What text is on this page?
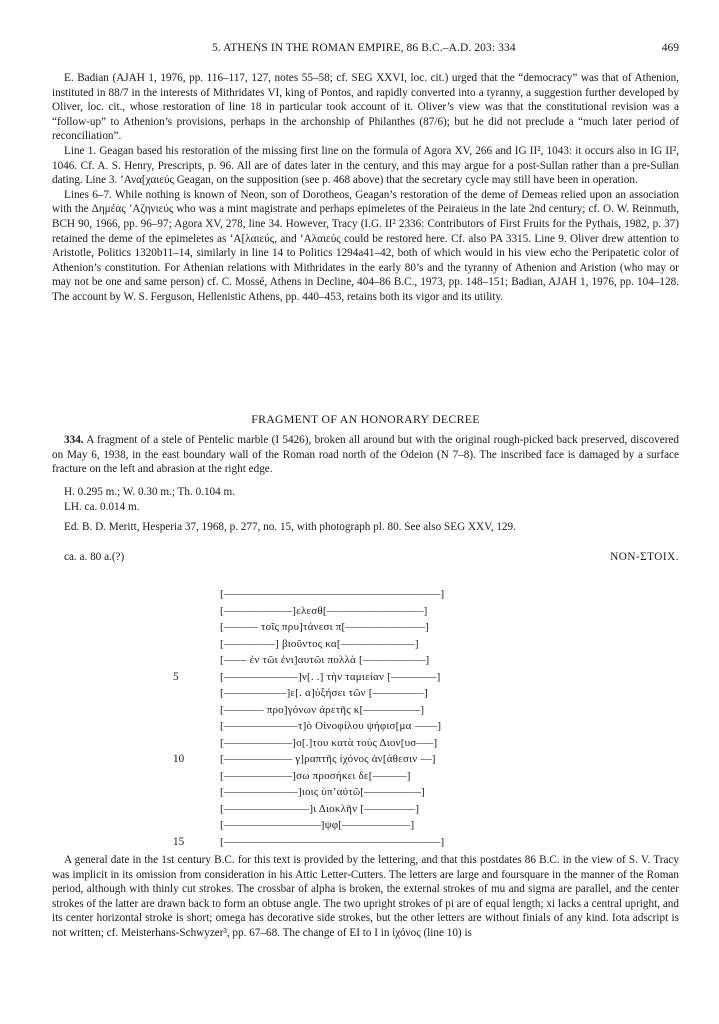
5. ATHENS IN THE ROMAN EMPIRE, 86 B.C.–A.D. 203: 334	469

E. Badian (AJAH 1, 1976, pp. 116–117, 127, notes 55–58; cf. SEG XXVI, loc. cit.) urged that the “democracy” was that of Athenion, instituted in 88/7 in the interests of Mithridates VI, king of Pontos, and rapidly converted into a tyranny, a suggestion further developed by Oliver, loc. cit., whose restoration of line 18 in particular took account of it. Oliver’s view was that the constitutional revision was a “follow-up” to Athenion’s provisions, perhaps in the archonship of Philanthes (87/6); but he did not preclude a “much later period of reconciliation”.

Line 1. Geagan based his restoration of the missing first line on the formula of Agora XV, 266 and IG II², 1043: it occurs also in IG II², 1046. Cf. A. S. Henry, Prescripts, p. 96. All are of dates later in the century, and this may argue for a post-Sullan rather than a pre-Sullan dating. Line 3. ’Ανα[χαιεύς Geagan, on the supposition (see p. 468 above) that the secretary cycle may still have been in operation.

Lines 6–7. While nothing is known of Neon, son of Dorotheos, Geagan’s restoration of the deme of Demeas relied upon an association with the Δημέας ’Αζηνιεύς who was a mint magistrate and perhaps epimeletes of the Peiraieus in the late 2nd century; cf. O. W. Reinmuth, BCH 90, 1966, pp. 96–97; Agora XV, 278, line 34. However, Tracy (I.G. II² 2336: Contributors of First Fruits for the Pythais, 1982, p. 37) retained the deme of the epimeletes as ‘Α[λαιεύς, and ‘Αλαιεύς could be restored here. Cf. also PA 3315. Line 9. Oliver drew attention to Aristotle, Politics 1320b11–14, similarly in line 14 to Politics 1294a41–42, both of which would in his view echo the Peripatetic color of Athenion’s constitution. For Athenian relations with Mithridates in the early 80’s and the tyranny of Athenion and Aristion (who may or may not be one and same person) cf. C. Mossé, Athens in Decline, 404–86 B.C., 1973, pp. 148–151; Badian, AJAH 1, 1976, pp. 104–128. The account by W. S. Ferguson, Hellenistic Athens, pp. 440–453, retains both its vigor and its utility.

FRAGMENT OF AN HONORARY DECREE

334. A fragment of a stele of Pentelic marble (I 5426), broken all around but with the original rough-picked back preserved, discovered on May 6, 1938, in the east boundary wall of the Roman road north of the Odeion (N 7–8). The inscribed face is damaged by a surface fracture on the left and abrasion at the right edge.

H. 0.295 m.; W. 0.30 m.; Th. 0.104 m.
LH. ca. 0.014 m.
Ed. B. D. Meritt, Hesperia 37, 1968, p. 277, no. 15, with photograph pl. 80. See also SEG XXV, 129.
ca. a. 80 a.(?)	NON-ΣΤΟΙΧ.
[––––––––––––––––––––––––––––––––––––––]
[––––––––––––]ελεσθ[–––––––––––––––––]
[–––––– τοῖς πρυ]τάνεσι π[––––––––––––––]
[–––––––––] βιοῦντος κα[–––––––––––––]
[–––– ἐν τῶι ἐνι]αυτῶι πολλὰ [–––––––––––]
5	[–––––––––––––]ν[. .] τὴν ταμιείαν [––––––––]
[–––––––––––]ε[. α]ὐξήσει τῶν [–––––––––]
[––––––– προ]γόνων ἀρετῆς κ[––––––––––]
[–––––––––––––τ]ὸ Οἰνοφίλου ψήφισ[μα ––––]
[––––––––––––]ο[.]του κατὰ τοὺς Διον[υσ–––]
10	[–––––––––––– γ]ραπτῆς ἰχόνος ἀν[άθεσιν ––]
[––––––––––––]σω προσήκει δε[––––––]
[–––––––––––––]ιοις ὑπ’αὐτῶ[––––––––––]
[–––––––––––––––]ι Διοκλῆν [–––––––––]
[–––––––––––––––––]ψφ[––––––––––––]
15	[––––––––––––––––––––––––––––––––––––––]

A general date in the 1st century B.C. for this text is provided by the lettering, and that this postdates 86 B.C. in the view of S. V. Tracy was implicit in its omission from consideration in his Attic Letter-Cutters. The letters are large and foursquare in the manner of the Roman period, although with thinly cut strokes. The crossbar of alpha is broken, the external strokes of mu and sigma are parallel, and the center strokes of the latter are drawn back to form an obtuse angle. The two upright strokes of pi are of equal length; xi lacks a central upright, and its center horizontal stroke is short; omega has decorative side strokes, but the other letters are without finials of any kind. Iota adscript is not written; cf. Meisterhans-Schwyzer³, pp. 67–68. The change of EI to I in ἰχόνος (line 10) is
